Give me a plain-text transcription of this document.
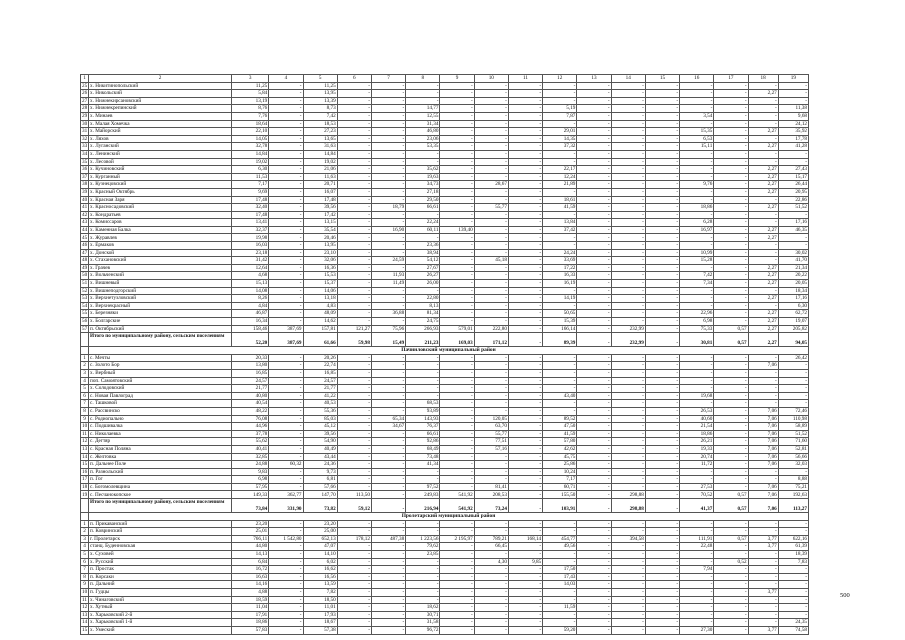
1	2	3	4	5	6	7	8	9	10	11	12	13	14	15	16	17	18	19
25	х. Никитинопольский	11,25	-	11,25	-	-	-	-	-	-	-	-	-	-	-	-	-	-
26	х. Никольский	5,84	-	13,95	-	-	-	-	-	-	-	-	-	-	-	-	2,27	-
27	х. Нижнекирсановский	13,19	-	13,39	-	-	-	-	-	-	-	-	-	-	-	-	-	-
28	х. Нижнекрепинский	8,76	-	8,73	-	-	14,77	-	-	-	5,19	-	-	-	-	-	-	11,38
29	х. Минаев	7,76	-	7,42	-	-	12,55	-	-	-	7,87	-	-	-	3,54	-	-	9,68
30	х. Малая Хомечка	18,64	-	18,53	-	-	31,34	-	-	-	-	-	-	-	-	-	-	24,12
31	х. Майорский	22,10	-	27,23	-	-	46,80	-	-	-	29,01	-	-	-	15,35	-	2,27	35,92
32	х. Ляхов	14,05	-	13,65	-	-	23,06	-	-	-	14,35	-	-	-	6,53	-	-	17,78
33	х. Луганский	32,78	-	31,63	-	-	53,35	-	-	-	37,32	-	-	-	15,11	-	2,27	41,28
34	х. Ленинский	14,84	-	14,84	-	-	-	-	-	-	-	-	-	-	-	-	-	-
35	х. Лесовой	19,02	-	19,02	-	-	-	-	-	-	-	-	-	-	-	-	-	-
36	х. Кучиновский	6,30	-	21,06	-	-	35,62	-	-	-	22,17	-	-	-	-	-	2,27	27,43
37	х. Курганный	11,53	-	11,63	-	-	19,63	-	-	-	12,24	-	-	-	-	-	2,27	15,17
38	х. Кузнецовский	7,17	-	20,71	-	-	34,73	-	28,67	-	21,89	-	-	-	9,76	-	2,27	26,44
39	х. Красный Октябрь	9,69	-	16,07	-	-	27,18	-	-	-	-	-	-	-	-	-	2,27	20,95
40	х. Красная Заря	17,48	-	17,48	-	-	29,50	-	-	-	18,61	-	-	-	-	-	-	22,86
41	х. Красносадовский	32,40	-	39,56	-	18,79	66,61	-	55,77	-	41,59	-	-	-	18,86	-	2,27	51,52
42	х. Кондратьев	17,48	-	17,42	-	-	-	-	-	-	-	-	-	-	-	-	-	-
43	х. Комиссаров	13,41	-	13,15	-	-	22,24	-	-	-	13,84	-	-	-	6,28	-	-	17,16
44	х. Каменная Балка	32,37	-	35,54	-	16,90	60,11	139,40	-	-	37,42	-	-	-	16,97	-	2,27	46,35
45	х. Журавлев	19,98	-	20,46	-	-	-	-	-	-	-	-	-	-	-	-	2,27	-
46	х. Ермаков	16,03	-	13,95	-	-	23,36	-	-	-	-	-	-	-	-	-	-	-
47	х. Донской	23,18	-	23,10	-	-	38,94	-	-	-	24,24	-	-	-	10,99	-	-	30,02
48	х. Стахановский	31,42	-	32,06	-	24,59	54,12	-	45,18	-	33,69	-	-	-	15,28	-	-	41,70
49	х. Грачев	12,64	-	16,36	-	-	27,67	-	-	-	17,22	-	-	-	-	-	2,27	21,34
50	х. Вольченский	4,68	-	15,53	-	11,93	26,27	-	-	-	16,33	-	-	-	7,42	-	2,27	20,22
51	х. Вишневый	15,13	-	15,37	-	11,49	26,00	-	-	-	16,19	-	-	-	7,34	-	2,27	20,05
52	х. Вишнеподгорский	14,08	-	14,06	-	-	-	-	-	-	-	-	-	-	-	-	-	18,34
53	х. Верхнетузловский	8,26	-	13,18	-	-	22,80	-	-	-	14,19	-	-	-	-	-	2,27	17,16
54	х. Верхнекрасный	4,84	-	4,83	-	-	8,13	-	-	-	-	-	-	-	-	-	-	6,30
55	х. Березняки	46,87	-	48,09	-	36,88	81,34	-	-	-	50,65	-	-	-	22,96	-	2,27	62,72
56	х. Болгарские	16,34	-	14,62	-	-	24,75	-	-	-	15,39	-	-	-	6,98	-	2,27	19,07
57	п. Октябрьский	158,46	387,69	157,81	121,27	75,96	266,93	579,01	222,80	-	166,14	-	232,99	-	75,33	0,57	2,27	205,82
	Итого по муниципальному району, сельским поселениям	52,20	387,69	61,66	59,98	15,49	211,23	169,03	171,12	-	89,39	-	232,99	-	30,81	0,57	2,27	94,05
	Пачинловский муниципальный район																	
1	с. Мечты	20,33	-	20,26	-	-	-	-	-	-	-	-	-	-	-	-	-	26,42
2	с. Золото Бор	13,80	-	22,74	-	-	-	-	-	-	-	-	-	-	-	-	7,06	-
3	х. Вербный	16,85	-	16,85	-	-	-	-	-	-	-	-	-	-	-	-	-	-
4	поп. Самоятовский	24,57	-	24,57	-	-	-	-	-	-	-	-	-	-	-	-	-	-
5	х. Солодовский	21,77	-	21,77	-	-	-	-	-	-	-	-	-	-	-	-	-	-
6	с. Новая Павлоград	40,80	-	41,22	-	-	-	-	-	-	43,40	-	-	-	19,68	-	-	-
7	с. Ташковой	40,54	-	40,53	-	-	68,53	-	-	-	-	-	-	-	-	-	-	-
8	с. Рассвинско	48,22	-	55,36	-	-	93,89	-	-	-	-	-	-	-	26,53	-	7,06	72,46
9	с. Родиопально	76,08	-	85,03	-	65,34	143,93	-	120,05	-	89,52	-	-	-	40,60	-	7,06	110,98
10	с. Подшивалка	44,96	-	45,12	-	34,67	76,37	-	63,70	-	47,50	-	-	-	21,54	-	7,06	58,89
11	с. Николаевка	37,78	-	39,56	-	-	66,61	-	55,77	-	41,59	-	-	-	18,86	-	7,06	51,52
12	с. Дегтяр	55,62	-	54,90	-	-	92,86	-	77,51	-	57,80	-	-	-	26,21	-	7,06	71,60
13	с. Красная Поляна	40,41	-	40,49	-	-	68,49	-	57,16	-	42,62	-	-	-	19,33	-	7,06	52,81
14	с. Желтовка	32,85	-	43,44	-	-	73,48	-	-	-	45,75	-	-	-	20,74	-	7,06	56,66
15	п. Дальнее Поле	24,88	60,32	24,36	-	-	41,34	-	-	-	25,86	-	-	-	11,72	-	7,06	32,03
16	п. Разнольский	9,83	-	9,73	-	-	-	-	-	-	10,24	-	-	-	-	-	-	-
17	п. Гог	6,98	-	6,81	-	-	-	-	-	-	7,17	-	-	-	-	-	-	8,88
18	с. Богомолевщина	57,95	-	57,66	-	-	97,52	-	81,41	-	60,71	-	-	-	27,53	-	7,06	75,21
19	с. Песчанокопское	149,33	362,77	147,70	113,50	-	249,83	541,92	208,53	-	155,50	-	298,88	-	70,52	0,57	7,06	192,63
	Итого по муниципальному району, сельским поселениям	73,84	331,90	73,82	59,12	-	216,94	541,92	73,24	-	103,91	-	298,88	-	41,37	0,57	7,06	113,27
	Пролетарский муниципальный район																	
1	п. Прикаванский	23,20	-	23,20	-	-	-	-	-	-	-	-	-	-	-	-	-	-
2	п. Ковринский	25,01	-	25,00	-	-	-	-	-	-	-	-	-	-	-	-	-	-
3	г. Пролетарск	766,11	1 542,80	652,13	178,12	487,38	1 223,56	2 195,97	789,21	168,14	454,77	-	394,58	-	111,91	0,57	3,77	622,16
4	станц. Буденновская	44,80	-	47,07	-	-	79,62	-	66,45	-	49,56	-	-	-	22,48	-	3,77	61,39
5	х. Суховей	14,13	-	14,10	-	-	23,85	-	-	-	-	-	-	-	-	-	-	18,39
6	х. Русский	6,84	-	6,02	-	-	-	-	4,30	9,85	-	-	-	-	-	0,52	-	7,83
7	п. Простак	16,72	-	16,62	-	-	-	-	-	-	17,50	-	-	-	7,94	-	-	-
8	п. Корсаки	16,63	-	16,56	-	-	-	-	-	-	17,43	-	-	-	-	-	-	-
9	п. Дальний	14,16	-	13,59	-	-	-	-	-	-	14,03	-	-	-	-	-	-	-
10	п. Гудцы	4,88	-	7,82	-	-	-	-	-	-	-	-	-	-	-	-	3,77	-
11	х. Чинаговский	18,59	-	18,50	-	-	-	-	-	-	-	-	-	-	-	-	-	-
12	х. Хутный	11,04	-	11,01	-	-	18,62	-	-	-	11,59	-	-	-	-	-	-	-
13	х. Харьковский 2-й	17,91	-	17,93	-	-	30,71	-	-	-	-	-	-	-	-	-	-	-
14	х. Харьковский 1-й	18,86	-	18,67	-	-	31,58	-	-	-	-	-	-	-	-	-	-	24,35
15	х. Умеский	57,83	-	57,38	-	-	96,72	-	-	-	59,20	-	-	-	27,30	-	3,77	74,58
500
